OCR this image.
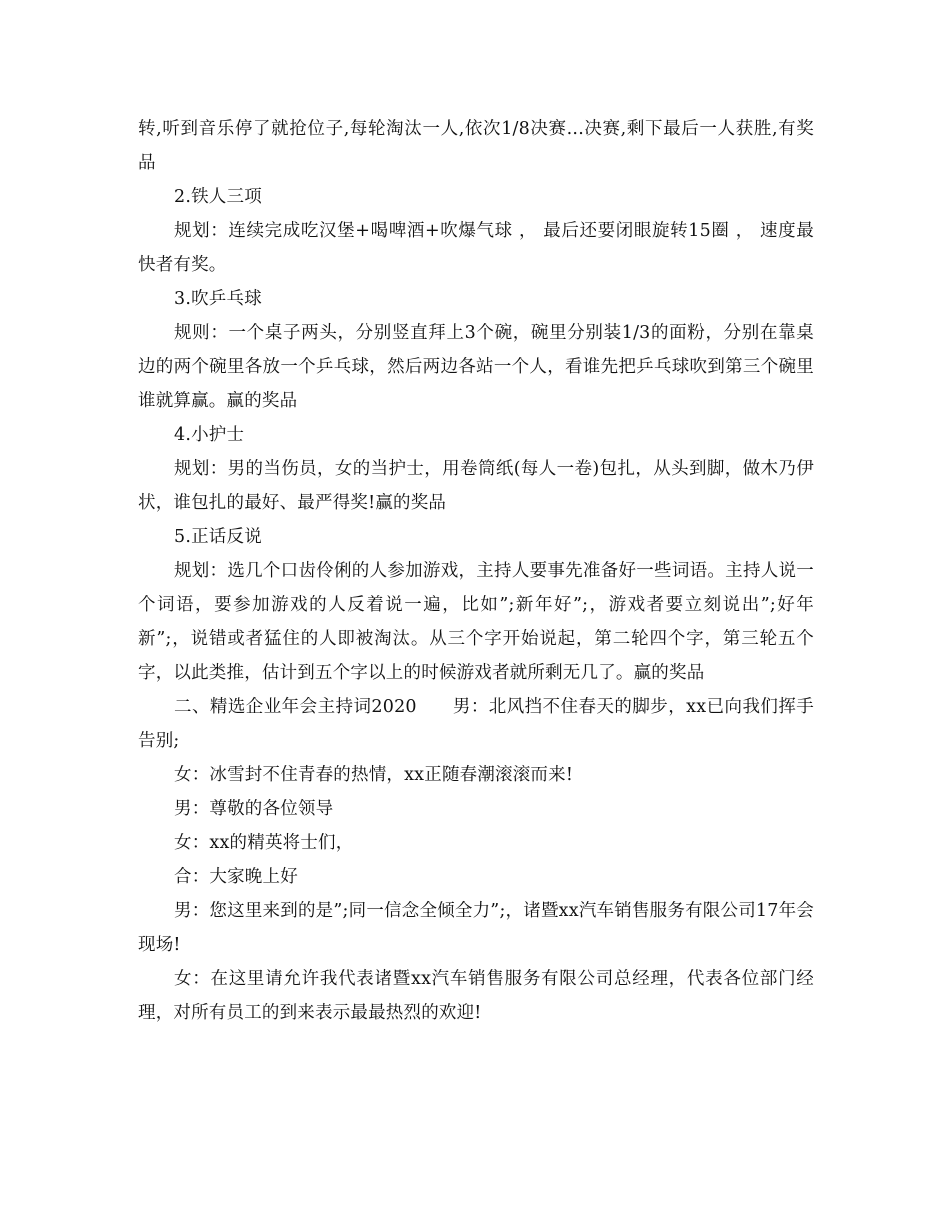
转,听到音乐停了就抢位子,每轮淘汰一人,依次1/8决赛...决赛,剩下最后一人获胜,有奖品

2.铁人三项

规划：连续完成吃汉堡+喝啤酒+吹爆气球 ， 最后还要闭眼旋转15圈 ， 速度最快者有奖。

3.吹乒乓球

规则：一个桌子两头，分别竖直拜上3个碗，碗里分别装1/3的面粉，分别在靠桌边的两个碗里各放一个乒乓球，然后两边各站一个人，看谁先把乒乓球吹到第三个碗里谁就算赢。赢的奖品

4.小护士

规划：男的当伤员，女的当护士，用卷筒纸(每人一卷)包扎，从头到脚，做木乃伊状，谁包扎的最好、最严得奖!赢的奖品

5.正话反说

规划：选几个口齿伶俐的人参加游戏，主持人要事先准备好一些词语。主持人说一个词语，要参加游戏的人反着说一遍，比如”;新年好”;，游戏者要立刻说出”;好年新”;，说错或者猛住的人即被淘汰。从三个字开始说起，第二轮四个字，第三轮五个字，以此类推，估计到五个字以上的时候游戏者就所剩无几了。赢的奖品

二、精选企业年会主持词2020　　男：北风挡不住春天的脚步，xx已向我们挥手告别;

女：冰雪封不住青春的热情，xx正随春潮滚滚而来!

男：尊敬的各位领导

女：xx的精英将士们，

合：大家晚上好

男：您这里来到的是”;同一信念全倾全力”;，诸暨xx汽车销售服务有限公司17年会现场!

女：在这里请允许我代表诸暨xx汽车销售服务有限公司总经理，代表各位部门经理，对所有员工的到来表示最最热烈的欢迎!
